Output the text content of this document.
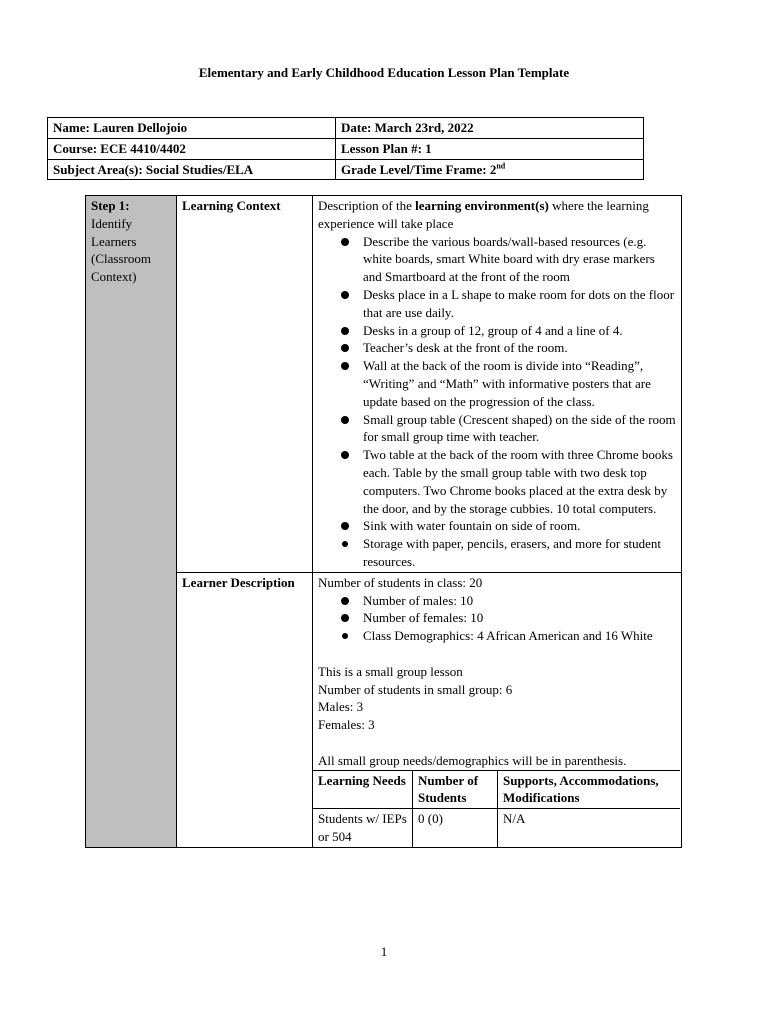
Elementary and Early Childhood Education Lesson Plan Template
Name: Lauren Dellojoio	Date: March 23rd, 2022
Course: ECE 4410/4402	Lesson Plan #: 1
Subject Area(s): Social Studies/ELA	Grade Level/Time Frame: 2nd
Step 1:
Identify Learners (Classroom Context)
	Learning Context	Description of the learning environment(s) where the learning experience will take place
Describe the various boards/wall-based resources (e.g. white boards, smart White board with dry erase markers and Smartboard at the front of the room
Desks place in a L shape to make room for dots on the floor that are use daily.
Desks in a group of 12, group of 4 and a line of 4.
Teacher’s desk at the front of the room.
Wall at the back of the room is divide into “Reading”, “Writing” and “Math” with informative posters that are update based on the progression of the class.
Small group table (Crescent shaped) on the side of the room for small group time with teacher.
Two table at the back of the room with three Chrome books each. Table by the small group table with two desk top computers. Two Chrome books placed at the extra desk by the door, and by the storage cubbies. 10 total computers.
Sink with water fountain on side of room.
Storage with paper, pencils, erasers, and more for student resources.

Learner Description	Number of students in class: 20
Number of males: 10
Number of females: 10
Class Demographics: 4 African American and 16 White
This is a small group lesson
Number of students in small group: 6
Males: 3
Females: 3
All small group needs/demographics will be in parenthesis.
Learning Needs	Number of Students	Supports, Accommodations, Modifications
Students w/ IEPs or 504	0 (0)	N/A
1
